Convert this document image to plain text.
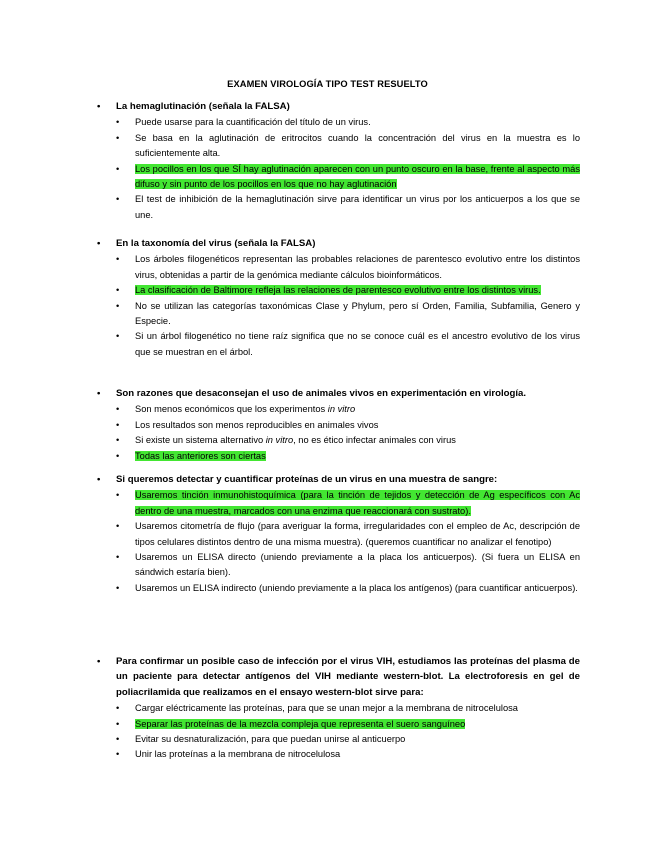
EXAMEN VIROLOGÍA TIPO TEST RESUELTO
• La hemaglutinación (señala la FALSA)
• Puede usarse para la cuantificación del título de un virus.
• Se basa en la aglutinación de eritrocitos cuando la concentración del virus en la muestra es lo suficientemente alta.
• Los pocillos en los que SÍ hay aglutinación aparecen con un punto oscuro en la base, frente al aspecto más difuso y sin punto de los pocillos en los que no hay aglutinación
• El test de inhibición de la hemaglutinación sirve para identificar un virus por los anticuerpos a los que se une.
• En la taxonomía del virus (señala la FALSA)
• Los árboles filogenéticos representan las probables relaciones de parentesco evolutivo entre los distintos virus, obtenidas a partir de la genómica mediante cálculos bioinformáticos.
• La clasificación de Baltimore refleja las relaciones de parentesco evolutivo entre los distintos virus.
• No se utilizan las categorías taxonómicas Clase y Phylum, pero sí Orden, Familia, Subfamilia, Genero y Especie.
• Si un árbol filogenético no tiene raíz significa que no se conoce cuál es el ancestro evolutivo de los virus que se muestran en el árbol.
• Son razones que desaconsejan el uso de animales vivos en experimentación en virología.
• Son menos económicos que los experimentos in vitro
• Los resultados son menos reproducibles en animales vivos
• Si existe un sistema alternativo in vitro, no es ético infectar animales con virus
• Todas las anteriores son ciertas
• Si queremos detectar y cuantificar proteínas de un virus en una muestra de sangre:
• Usaremos tinción inmunohistoquímica (para la tinción de tejidos y detección de Ag específicos con Ac dentro de una muestra, marcados con una enzima que reaccionará con sustrato).
• Usaremos citometría de flujo (para averiguar la forma, irregularidades con el empleo de Ac, descripción de tipos celulares distintos dentro de una misma muestra). (queremos cuantificar no analizar el fenotipo)
• Usaremos un ELISA directo (uniendo previamente a la placa los anticuerpos). (Si fuera un ELISA en sándwich estaría bien).
• Usaremos un ELISA indirecto (uniendo previamente a la placa los antígenos) (para cuantificar anticuerpos).
• Para confirmar un posible caso de infección por el virus VIH, estudiamos las proteínas del plasma de un paciente para detectar antígenos del VIH mediante western-blot. La electroforesis en gel de poliacrilamida que realizamos en el ensayo western-blot sirve para:
• Cargar eléctricamente las proteínas, para que se unan mejor a la membrana de nitrocelulosa
• Separar las proteínas de la mezcla compleja que representa el suero sanguíneo
• Evitar su desnaturalización, para que puedan unirse al anticuerpo
• Unir las proteínas a la membrana de nitrocelulosa
